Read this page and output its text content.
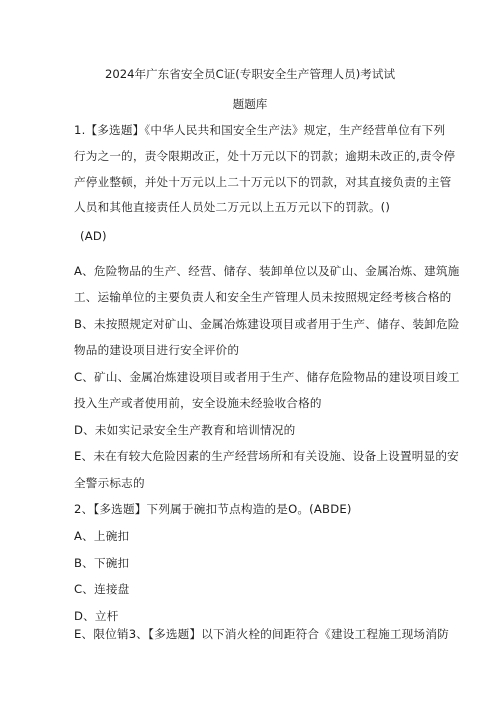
2024年广东省安全员C证(专职安全生产管理人员)考试试
题题库
1.【多选题】《中华人民共和国安全生产法》规定，生产经营单位有下列
行为之一的，责令限期改正，处十万元以下的罚款；逾期未改正的,责令停
产停业整顿，并处十万元以上二十万元以下的罚款，对其直接负责的主管
人员和其他直接责任人员处二万元以上五万元以下的罚款。()
(AD)
A、危险物品的生产、经营、储存、装卸单位以及矿山、金属冶炼、建筑施
工、运输单位的主要负责人和安全生产管理人员未按照规定经考核合格的
B、未按照规定对矿山、金属冶炼建设项目或者用于生产、储存、装卸危险
物品的建设项目进行安全评价的
C、矿山、金属冶炼建设项目或者用于生产、储存危险物品的建设项目竣工
投入生产或者使用前，安全设施未经验收合格的
D、未如实记录安全生产教育和培训情况的
E、未在有较大危险因素的生产经营场所和有关设施、设备上设置明显的安
全警示标志的
2、【多选题】下列属于碗扣节点构造的是O。(ABDE)
A、上碗扣
B、下碗扣
C、连接盘
D、立杆
E、限位销3、【多选题】以下消火栓的间距符合《建设工程施工现场消防
